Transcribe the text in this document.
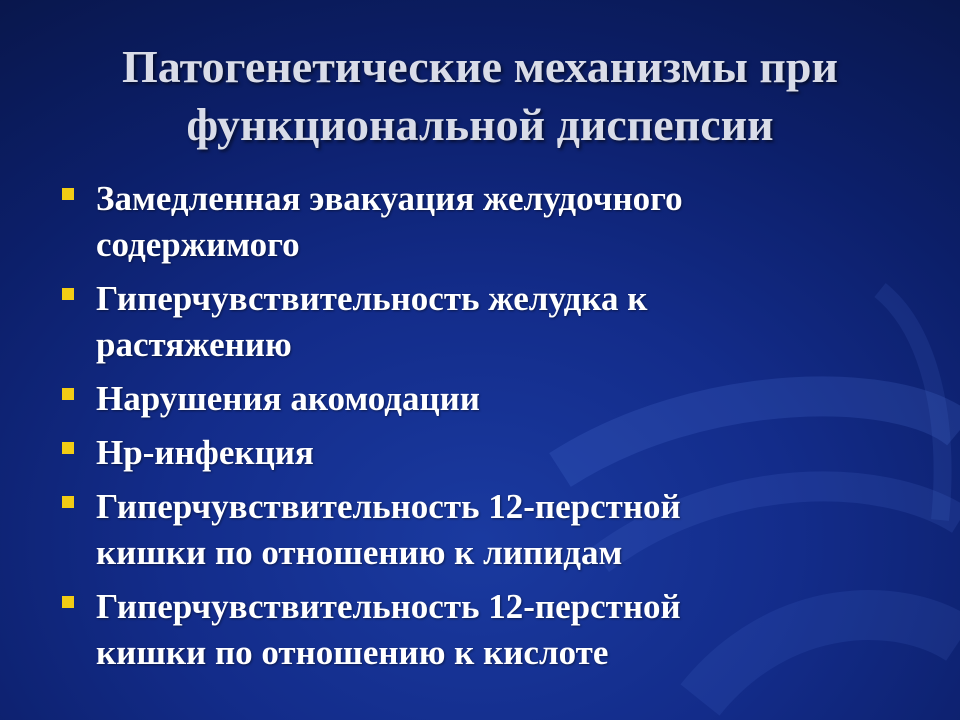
Патогенетические механизмы при
функциональной диспепсии
Замедленная эвакуация желудочного
содержимого
Гиперчувствительность желудка к
растяжению
Нарушения акомодации
Hp-инфекция
Гиперчувствительность 12-перстной
кишки по отношению к липидам
Гиперчувствительность 12-перстной
кишки по отношению к кислоте
